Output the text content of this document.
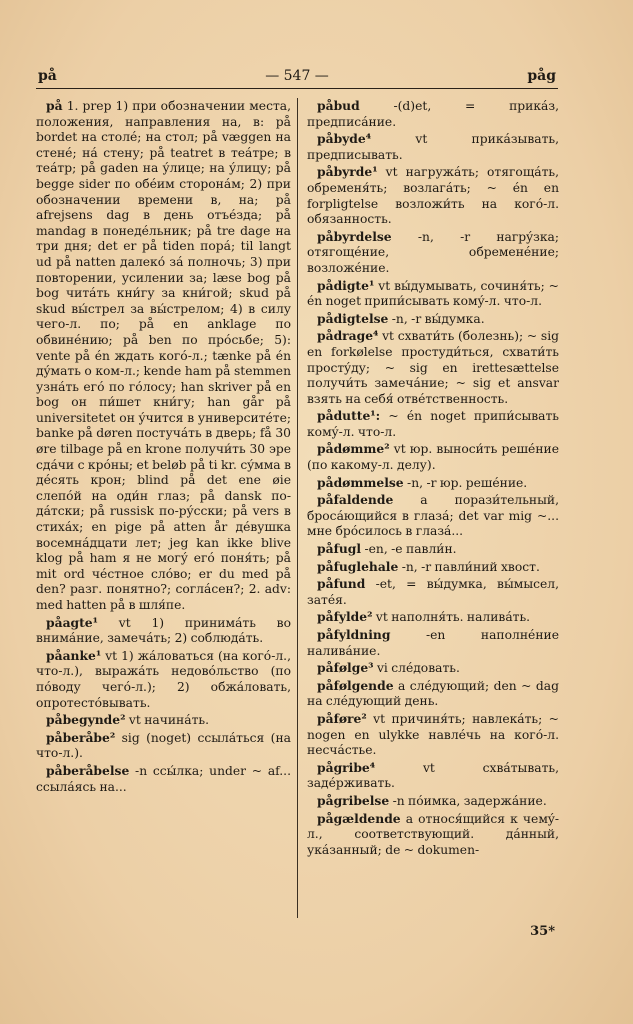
på	— 547 —	påg
på 1. prep 1) при обозначении места, положения, направления на, в: på bordet на столé; на стол; på væggen на стенé; нá стену; på teatret в теáтре; в теáтр; på gaden на ýлице; на ýлицу; på begge sider по обéим сторонáм; 2) при обозначении времени в, на; på afrejsens dag в день отъéзда; på mandag в понедéльник; på tre dage на три дня; det er på tiden порá; til langt ud på natten далеко́ зá полночь; 3) при повторении, усилении за; læse bog på bog читáть кни́гу за кни́гой; skud på skud вы́стрел за вы́стрелом; 4) в силу чего-л. по; på en anklage по обвинéнию; på ben по прóсьбе; 5): vente på én ждать когó-л.; tænke på én дýмать о ком-л.; kende ham på stemmen узнáть егó по гóлосу; han skriver på en bog он пи́шет кни́гу; han går på universitetet он ýчится в университéте; banke på døren постучáть в дверь; få 30 øre tilbage på en krone получи́ть 30 эре сдáчи с крóны; et beløb på ti kr. сýмма в дéсять крон; blind på det ene øie слепóй на оди́н глаз; på dansk по-дáтски; på russisk по-рýсски; på vers в стихáх; en pige på atten år дéвушка восемнáдцати лет; jeg kan ikke blive klog på ham я не могý егó поня́ть; på mit ord чéстное слóво; er du med på den? разг. понятно?; соглáсен?; 2. adv: med hatten på в шля́пе.
påagte¹ vt 1) принимáть во внимáние, замечáть; 2) соблюдáть.
påanke¹ vt 1) жáловаться (на когó-л., что-л.), выражáть недовóльство (по пóводу чегó-л.); 2) обжáловать, опротестóвывать.
påbegynde² vt начинáть.
påberåbe² sig (noget) ссылáться (на что-л.).
påberåbelse -n ссы́лка; under ~ af... ссылáясь на...
påbud -(d)et, = прикáз, предписáние.
påbyde⁴ vt прикáзывать, предписывать.
påbyrde¹ vt нагружáть; отягощáть, обременя́ть; возлагáть; ~ én en forpligtelse возложи́ть на когó-л. обязанность.
påbyrdelse -n, -r нагрýзка; отягощéние, обременéние; возложéние.
pådigte¹ vt вы́думывать, сочиня́ть; ~ én noget припи́сывать комý-л. что-л.
pådigtelse -n, -r вы́думка.
pådrage⁴ vt схвати́ть (болезнь); ~ sig en forkølelse простуди́ться, схвати́ть простýду; ~ sig en irettesættelse получи́ть замечáние; ~ sig et ansvar взять на себя́ отвéтственность.
pådutte¹: ~ én noget припи́сывать комý-л. что-л.
pådømme² vt юр. выноси́ть решéние (по какому-л. делу).
pådømmelse -n, -r юр. решéние.
påfaldende a порази́тельный, бросáющийся в глазá; det var mig ~... мне брóсилось в глазá...
påfugl -en, -e павли́н.
påfuglehale -n, -r павли́ний хвост.
påfund -et, = вы́думка, вы́мысел, затéя.
påfylde² vt наполня́ть. наливáть.
påfyldning -en наполнéние наливáние.
påfølge³ vi слéдовать.
påfølgende a слéдующий; den ~ dag на слéдующий день.
påføre² vt причиня́ть; навлекáть; ~ nogen en ulykke навлéчь на когó-л. несчáстье.
pågribe⁴ vt схвáтывать, задéрживать.
pågribelse -n пóимка, задержáние.
pågældende a относя́щийся к чемý-л., соответствующий. дáнный, укáзанный; de ~ dokumen-
35*
